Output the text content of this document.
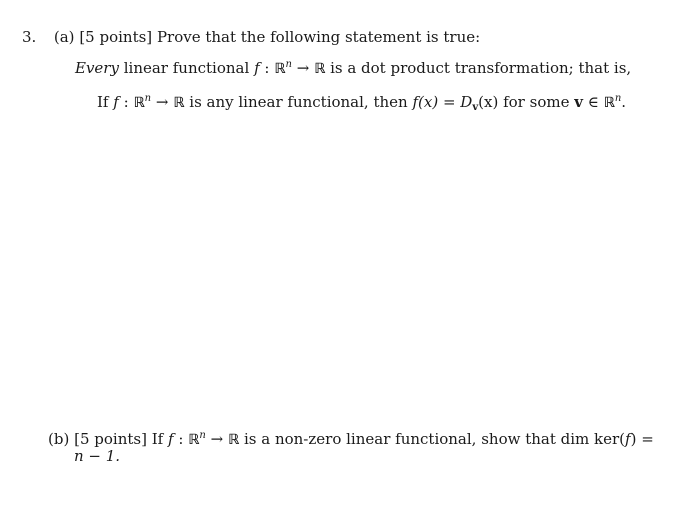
3. (a) [5 points] Prove that the following statement is true:
Every linear functional f : ℝ$^n$ → ℝ is a dot product transformation; that is,
If f : ℝ$^n$ → ℝ is any linear functional, then $f(x) = D_v(x)$ for some v ∈ ℝ$^n$.
(b) [5 points] If f : ℝ$^n$ → ℝ is a non-zero linear functional, show that dim ker(f) =
n − 1.
